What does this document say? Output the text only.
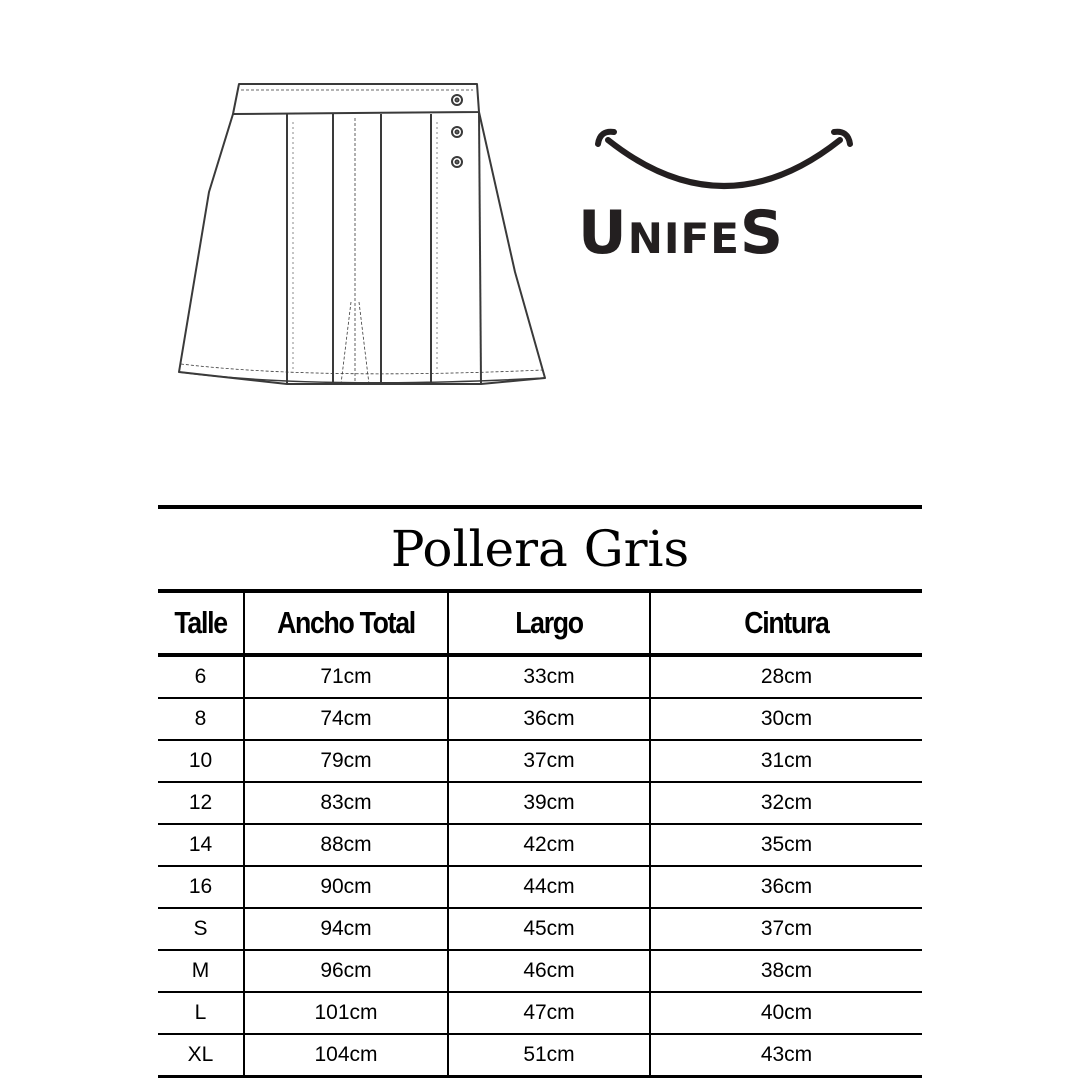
UnifeS
Pollera Gris			
Talle	Ancho Total	Largo	Cintura
6	71cm	33cm	28cm
8	74cm	36cm	30cm
10	79cm	37cm	31cm
12	83cm	39cm	32cm
14	88cm	42cm	35cm
16	90cm	44cm	36cm
S	94cm	45cm	37cm
M	96cm	46cm	38cm
L	101cm	47cm	40cm
XL	104cm	51cm	43cm
